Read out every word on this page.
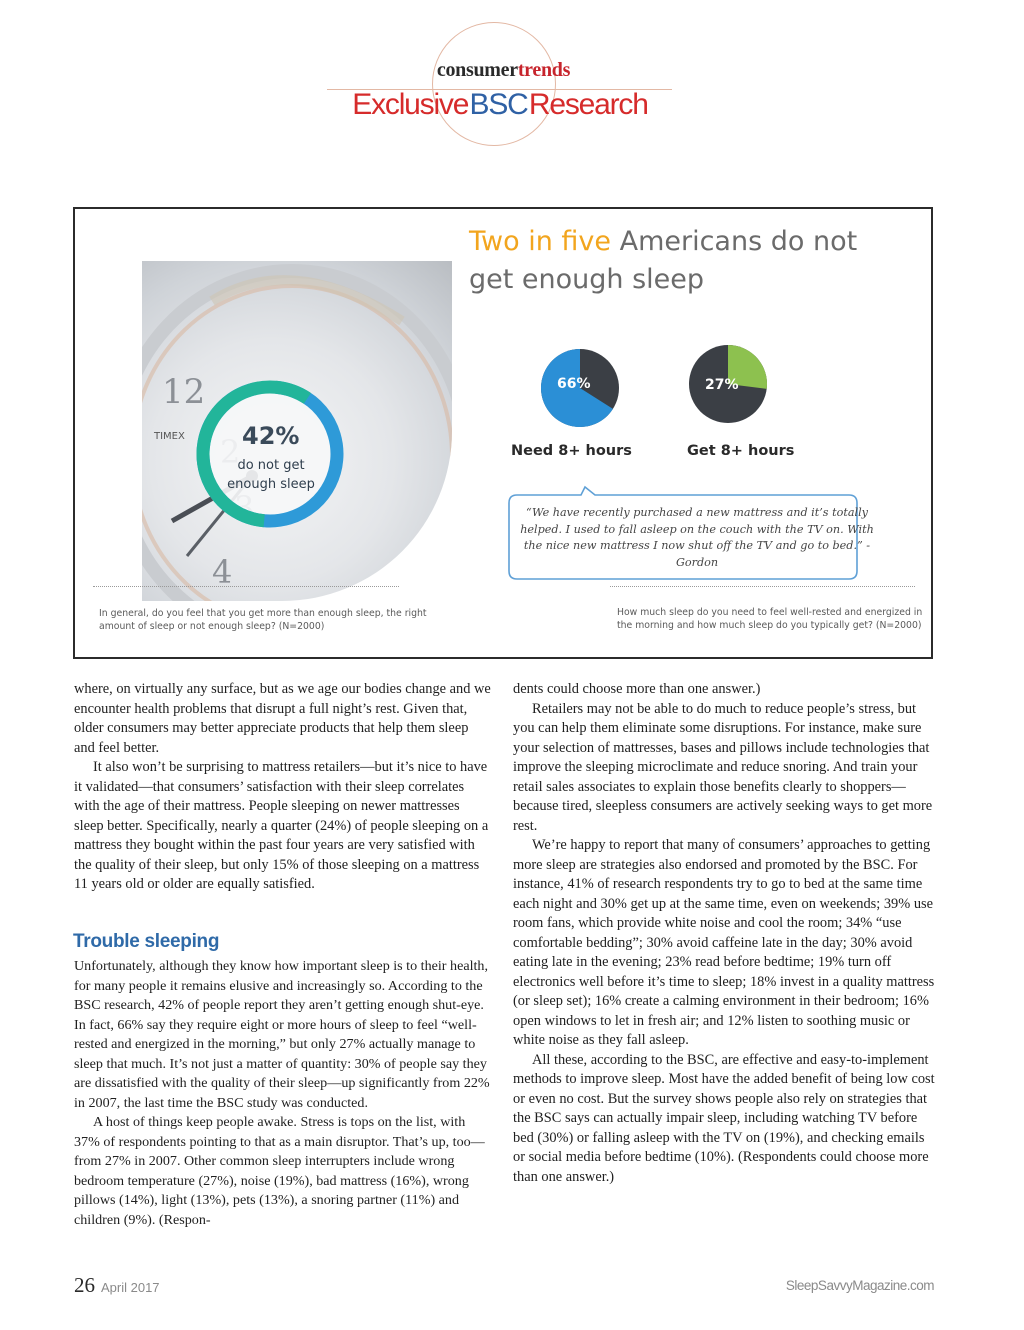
consumertrends
Exclusive BSC Research
TIMEX
12
4
42%
do not get enough sleep
Two in five Americans do not get enough sleep
66%
Need 8+ hours
27%
Get 8+ hours
“We have recently purchased a new mattress and it’s totally helped. I used to fall asleep on the couch with the TV on. With the nice new mattress I now shut off the TV and go to bed.” - Gordon
In general, do you feel that you get more than enough sleep, the right amount of sleep or not enough sleep? (N=2000)
How much sleep do you need to feel well-rested and energized in the morning and how much sleep do you typically get? (N=2000)

where, on virtually any surface, but as we age our bodies change and we encounter health problems that disrupt a full night’s rest. Given that, older consumers may better appreciate products that help them sleep and feel better.

It also won’t be surprising to mattress retailers—but it’s nice to have it validated—that consumers’ satisfaction with their sleep correlates with the age of their mattress. People sleeping on newer mattresses sleep better. Specifically, nearly a quarter (24%) of people sleeping on a mattress they bought within the past four years are very satisfied with the quality of their sleep, but only 15% of those sleeping on a mattress 11 years old or older are equally satisfied.

Trouble sleeping

Unfortunately, although they know how important sleep is to their health, for many people it remains elusive and increasingly so. According to the BSC research, 42% of people report they aren’t getting enough shut-eye. In fact, 66% say they require eight or more hours of sleep to feel “well-rested and energized in the morning,” but only 27% actually manage to sleep that much. It’s not just a matter of quantity: 30% of people say they are dissatisfied with the quality of their sleep—up significantly from 22% in 2007, the last time the BSC study was conducted.

A host of things keep people awake. Stress is tops on the list, with 37% of respondents pointing to that as a main disruptor. That’s up, too—from 27% in 2007. Other common sleep interrupters include wrong bedroom temperature (27%), noise (19%), bad mattress (16%), wrong pillows (14%), light (13%), pets (13%), a snoring partner (11%) and children (9%). (Respon-

dents could choose more than one answer.)

Retailers may not be able to do much to reduce people’s stress, but you can help them eliminate some disruptions. For instance, make sure your selection of mattresses, bases and pillows include technologies that improve the sleeping microclimate and reduce snoring. And train your retail sales associates to explain those benefits clearly to shoppers—because tired, sleepless consumers are actively seeking ways to get more rest.

We’re happy to report that many of consumers’ approaches to getting more sleep are strategies also endorsed and promoted by the BSC. For instance, 41% of research respondents try to go to bed at the same time each night and 30% get up at the same time, even on weekends; 39% use room fans, which provide white noise and cool the room; 34% “use comfortable bedding”; 30% avoid caffeine late in the day; 30% avoid eating late in the evening; 23% read before bedtime; 19% turn off electronics well before it’s time to sleep; 18% invest in a quality mattress (or sleep set); 16% create a calming environment in their bedroom; 16% open windows to let in fresh air; and 12% listen to soothing music or white noise as they fall asleep.

All these, according to the BSC, are effective and easy-to-implement methods to improve sleep. Most have the added benefit of being low cost or even no cost. But the survey shows people also rely on strategies that the BSC says can actually impair sleep, including watching TV before bed (30%) or falling asleep with the TV on (19%), and checking emails or social media before bedtime (10%). (Respondents could choose more than one answer.)

26 April 2017	SleepSavvyMagazine.com
